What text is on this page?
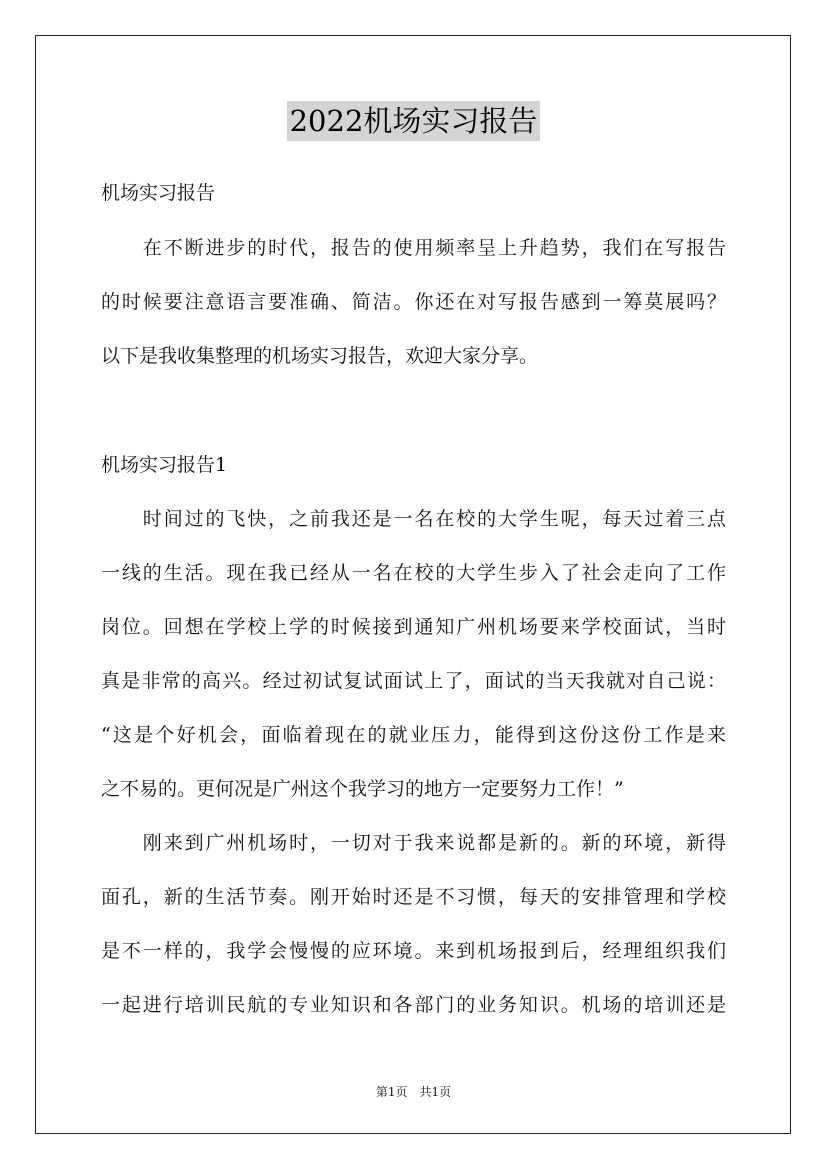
2022机场实习报告
机场实习报告
　　在不断进步的时代，报告的使用频率呈上升趋势，我们在写报告
的时候要注意语言要准确、简洁。你还在对写报告感到一筹莫展吗？
以下是我收集整理的机场实习报告，欢迎大家分享。
机场实习报告1
　　时间过的飞快，之前我还是一名在校的大学生呢，每天过着三点
一线的生活。现在我已经从一名在校的大学生步入了社会走向了工作
岗位。回想在学校上学的时候接到通知广州机场要来学校面试，当时
真是非常的高兴。经过初试复试面试上了，面试的当天我就对自己说：
“这是个好机会，面临着现在的就业压力，能得到这份这份工作是来
之不易的。更何况是广州这个我学习的地方一定要努力工作！”
　　刚来到广州机场时，一切对于我来说都是新的。新的环境，新得
面孔，新的生活节奏。刚开始时还是不习惯，每天的安排管理和学校
是不一样的，我学会慢慢的应环境。来到机场报到后，经理组织我们
一起进行培训民航的专业知识和各部门的业务知识。机场的培训还是
第1页　共1页
